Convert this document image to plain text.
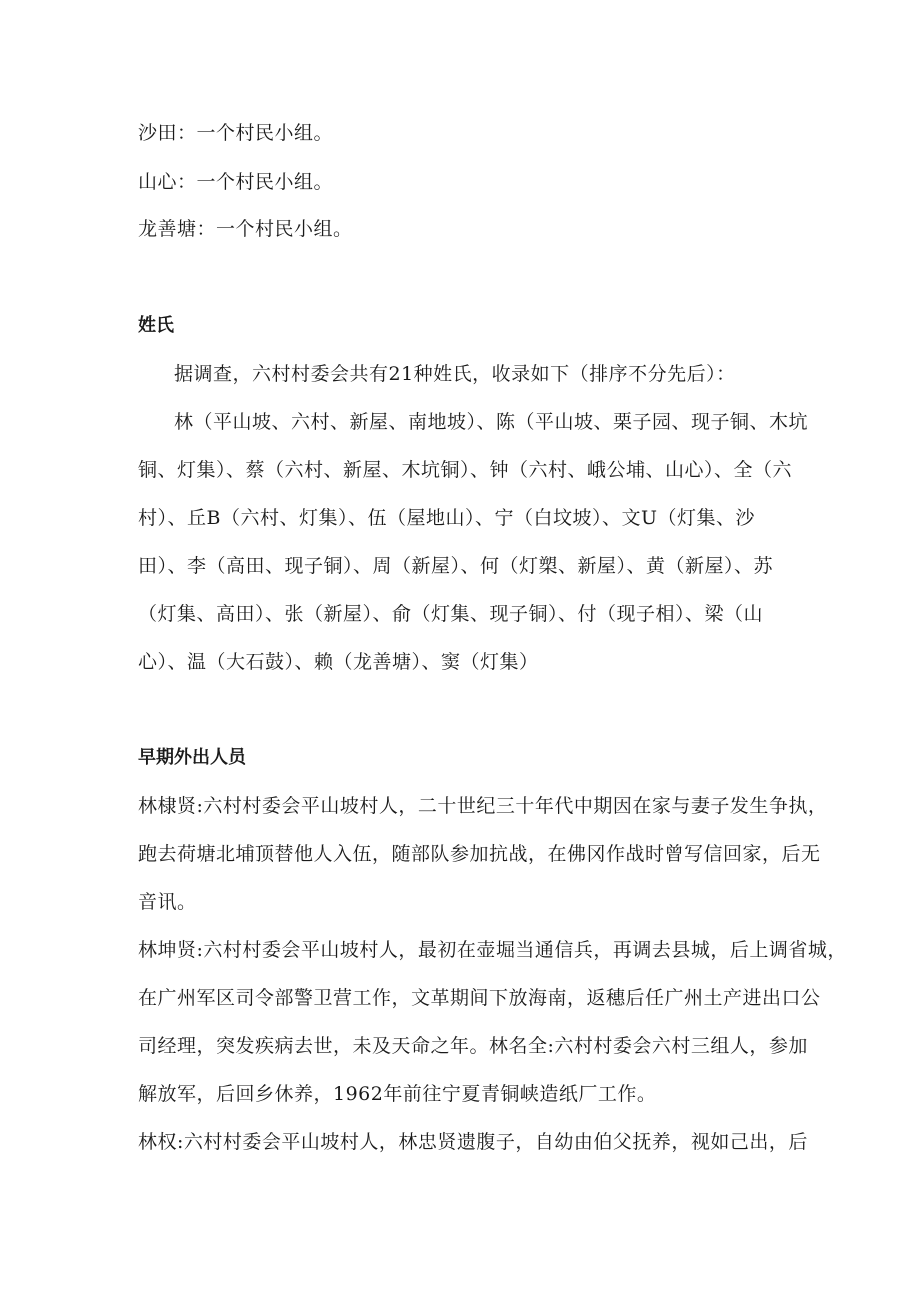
沙田：一个村民小组。
山心：一个村民小组。
龙善塘：一个村民小组。
姓氏
据调查，六村村委会共有21种姓氏，收录如下（排序不分先后）：
林（平山坡、六村、新屋、南地坡）、陈（平山坡、栗子园、现子铜、木坑
铜、灯集）、蔡（六村、新屋、木坑铜）、钟（六村、峨公埔、山心）、全（六
村）、丘B（六村、灯集）、伍（屋地山）、宁（白坟坡）、文U（灯集、沙
田）、李（高田、现子铜）、周（新屋）、何（灯槊、新屋）、黄（新屋）、苏
（灯集、高田）、张（新屋）、俞（灯集、现子铜）、付（现子相）、梁（山
心）、温（大石鼓）、赖（龙善塘）、窦（灯集）
早期外出人员
林棣贤:六村村委会平山坡村人，二十世纪三十年代中期因在家与妻子发生争执，
跑去荷塘北埔顶替他人入伍，随部队参加抗战，在佛冈作战时曾写信回家，后无
音讯。
林坤贤:六村村委会平山坡村人，最初在壶堀当通信兵，再调去县城，后上调省城，
在广州军区司令部警卫营工作，文革期间下放海南，返穗后任广州土产进出口公
司经理，突发疾病去世，未及天命之年。林名全:六村村委会六村三组人，参加
解放军，后回乡休养，1962年前往宁夏青铜峡造纸厂工作。
林权:六村村委会平山坡村人，林忠贤遗腹子，自幼由伯父抚养，视如己出，后
